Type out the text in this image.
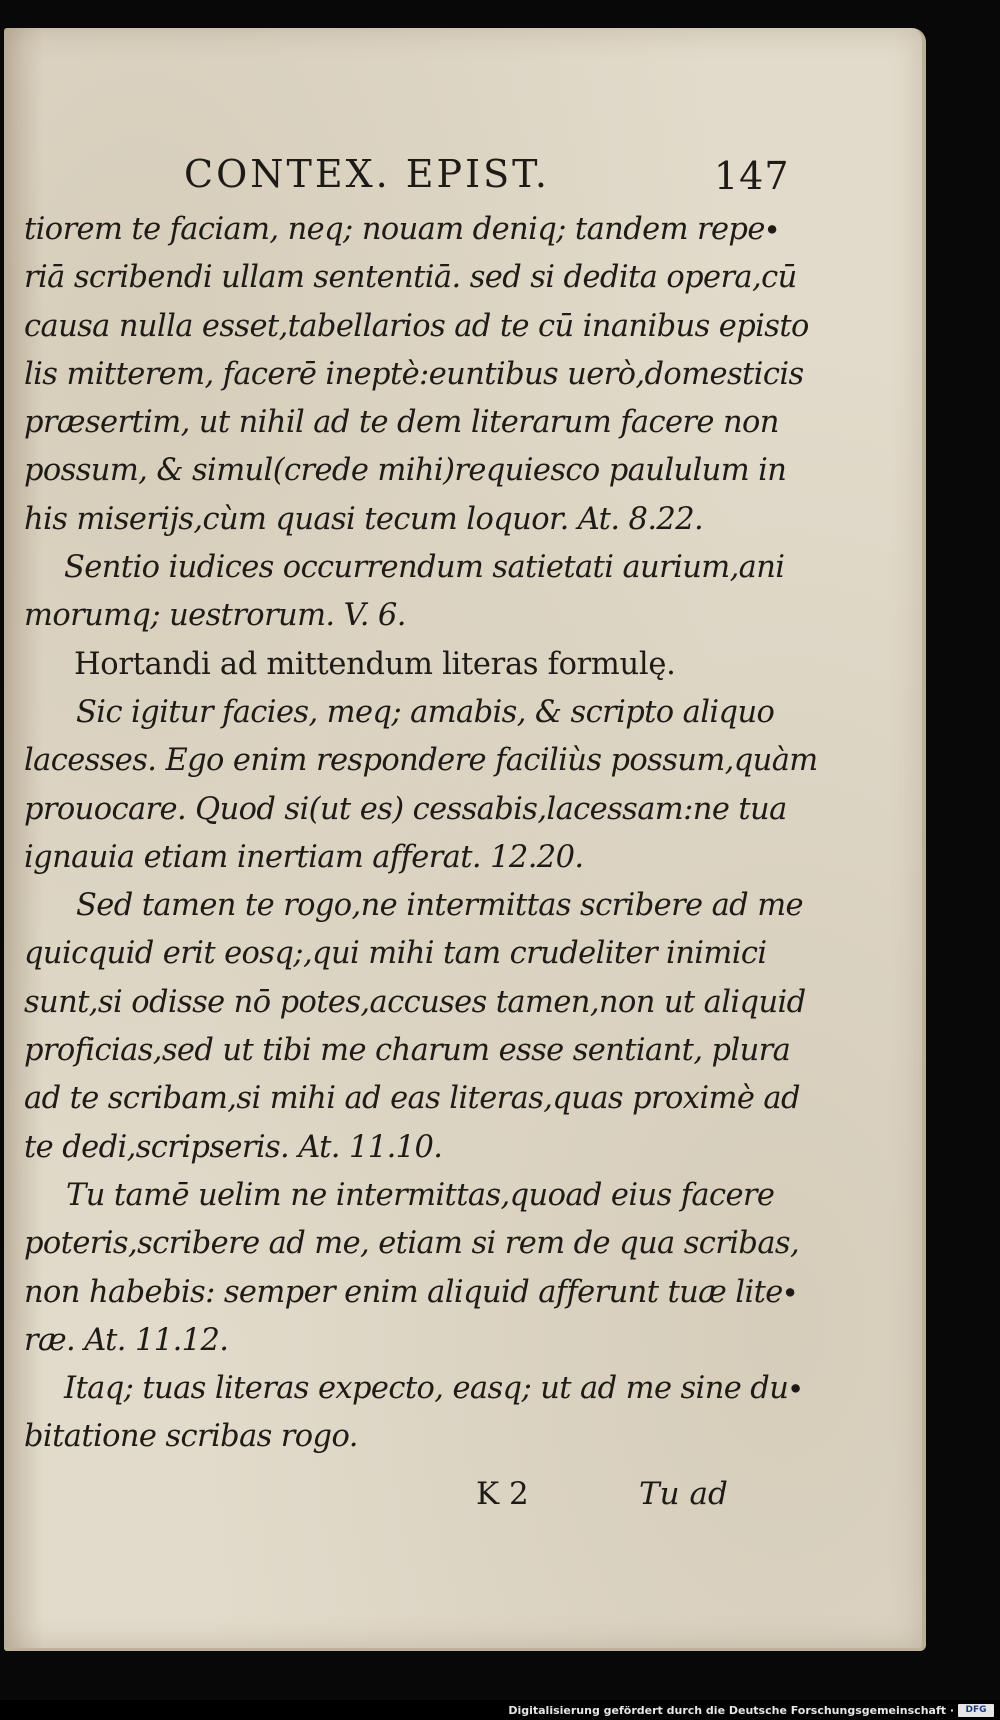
CONTEX. EPIST.	147
tiorem te faciam, neq; nouam deniq; tandem repe∙
riā scribendi ullam sententiā. sed si dedita opera,cū
causa nulla esset,tabellarios ad te cū inanibus episto
lis mitterem, facerē ineptè:euntibus uerò,domesticis
præsertim, ut nihil ad te dem literarum facere non
possum, & simul(crede mihi)requiesco paululum in
his miserijs,cùm quasi tecum loquor. At. 8.22.
Sentio iudices occurrendum satietati aurium,ani
morumq; uestrorum. V. 6.
Hortandi ad mittendum literas formulę.
Sic igitur facies, meq; amabis, & scripto aliquo
lacesses. Ego enim respondere faciliùs possum,quàm
prouocare. Quod si(ut es) cessabis,lacessam:ne tua
ignauia etiam inertiam afferat. 12.20.
Sed tamen te rogo,ne intermittas scribere ad me
quicquid erit eosq;,qui mihi tam crudeliter inimici
sunt,si odisse nō potes,accuses tamen,non ut aliquid
proficias,sed ut tibi me charum esse sentiant, plura
ad te scribam,si mihi ad eas literas,quas proximè ad
te dedi,scripseris. At. 11.10.
Tu tamē uelim ne intermittas,quoad eius facere
poteris,scribere ad me, etiam si rem de qua scribas,
non habebis: semper enim aliquid afferunt tuæ lite∙
ræ. At. 11.12.
Itaq; tuas literas expecto, easq; ut ad me sine du∙
bitatione scribas rogo.
K 2	Tu ad
Digitalisierung gefördert durch die Deutsche Forschungsgemeinschaft ·	DFG
